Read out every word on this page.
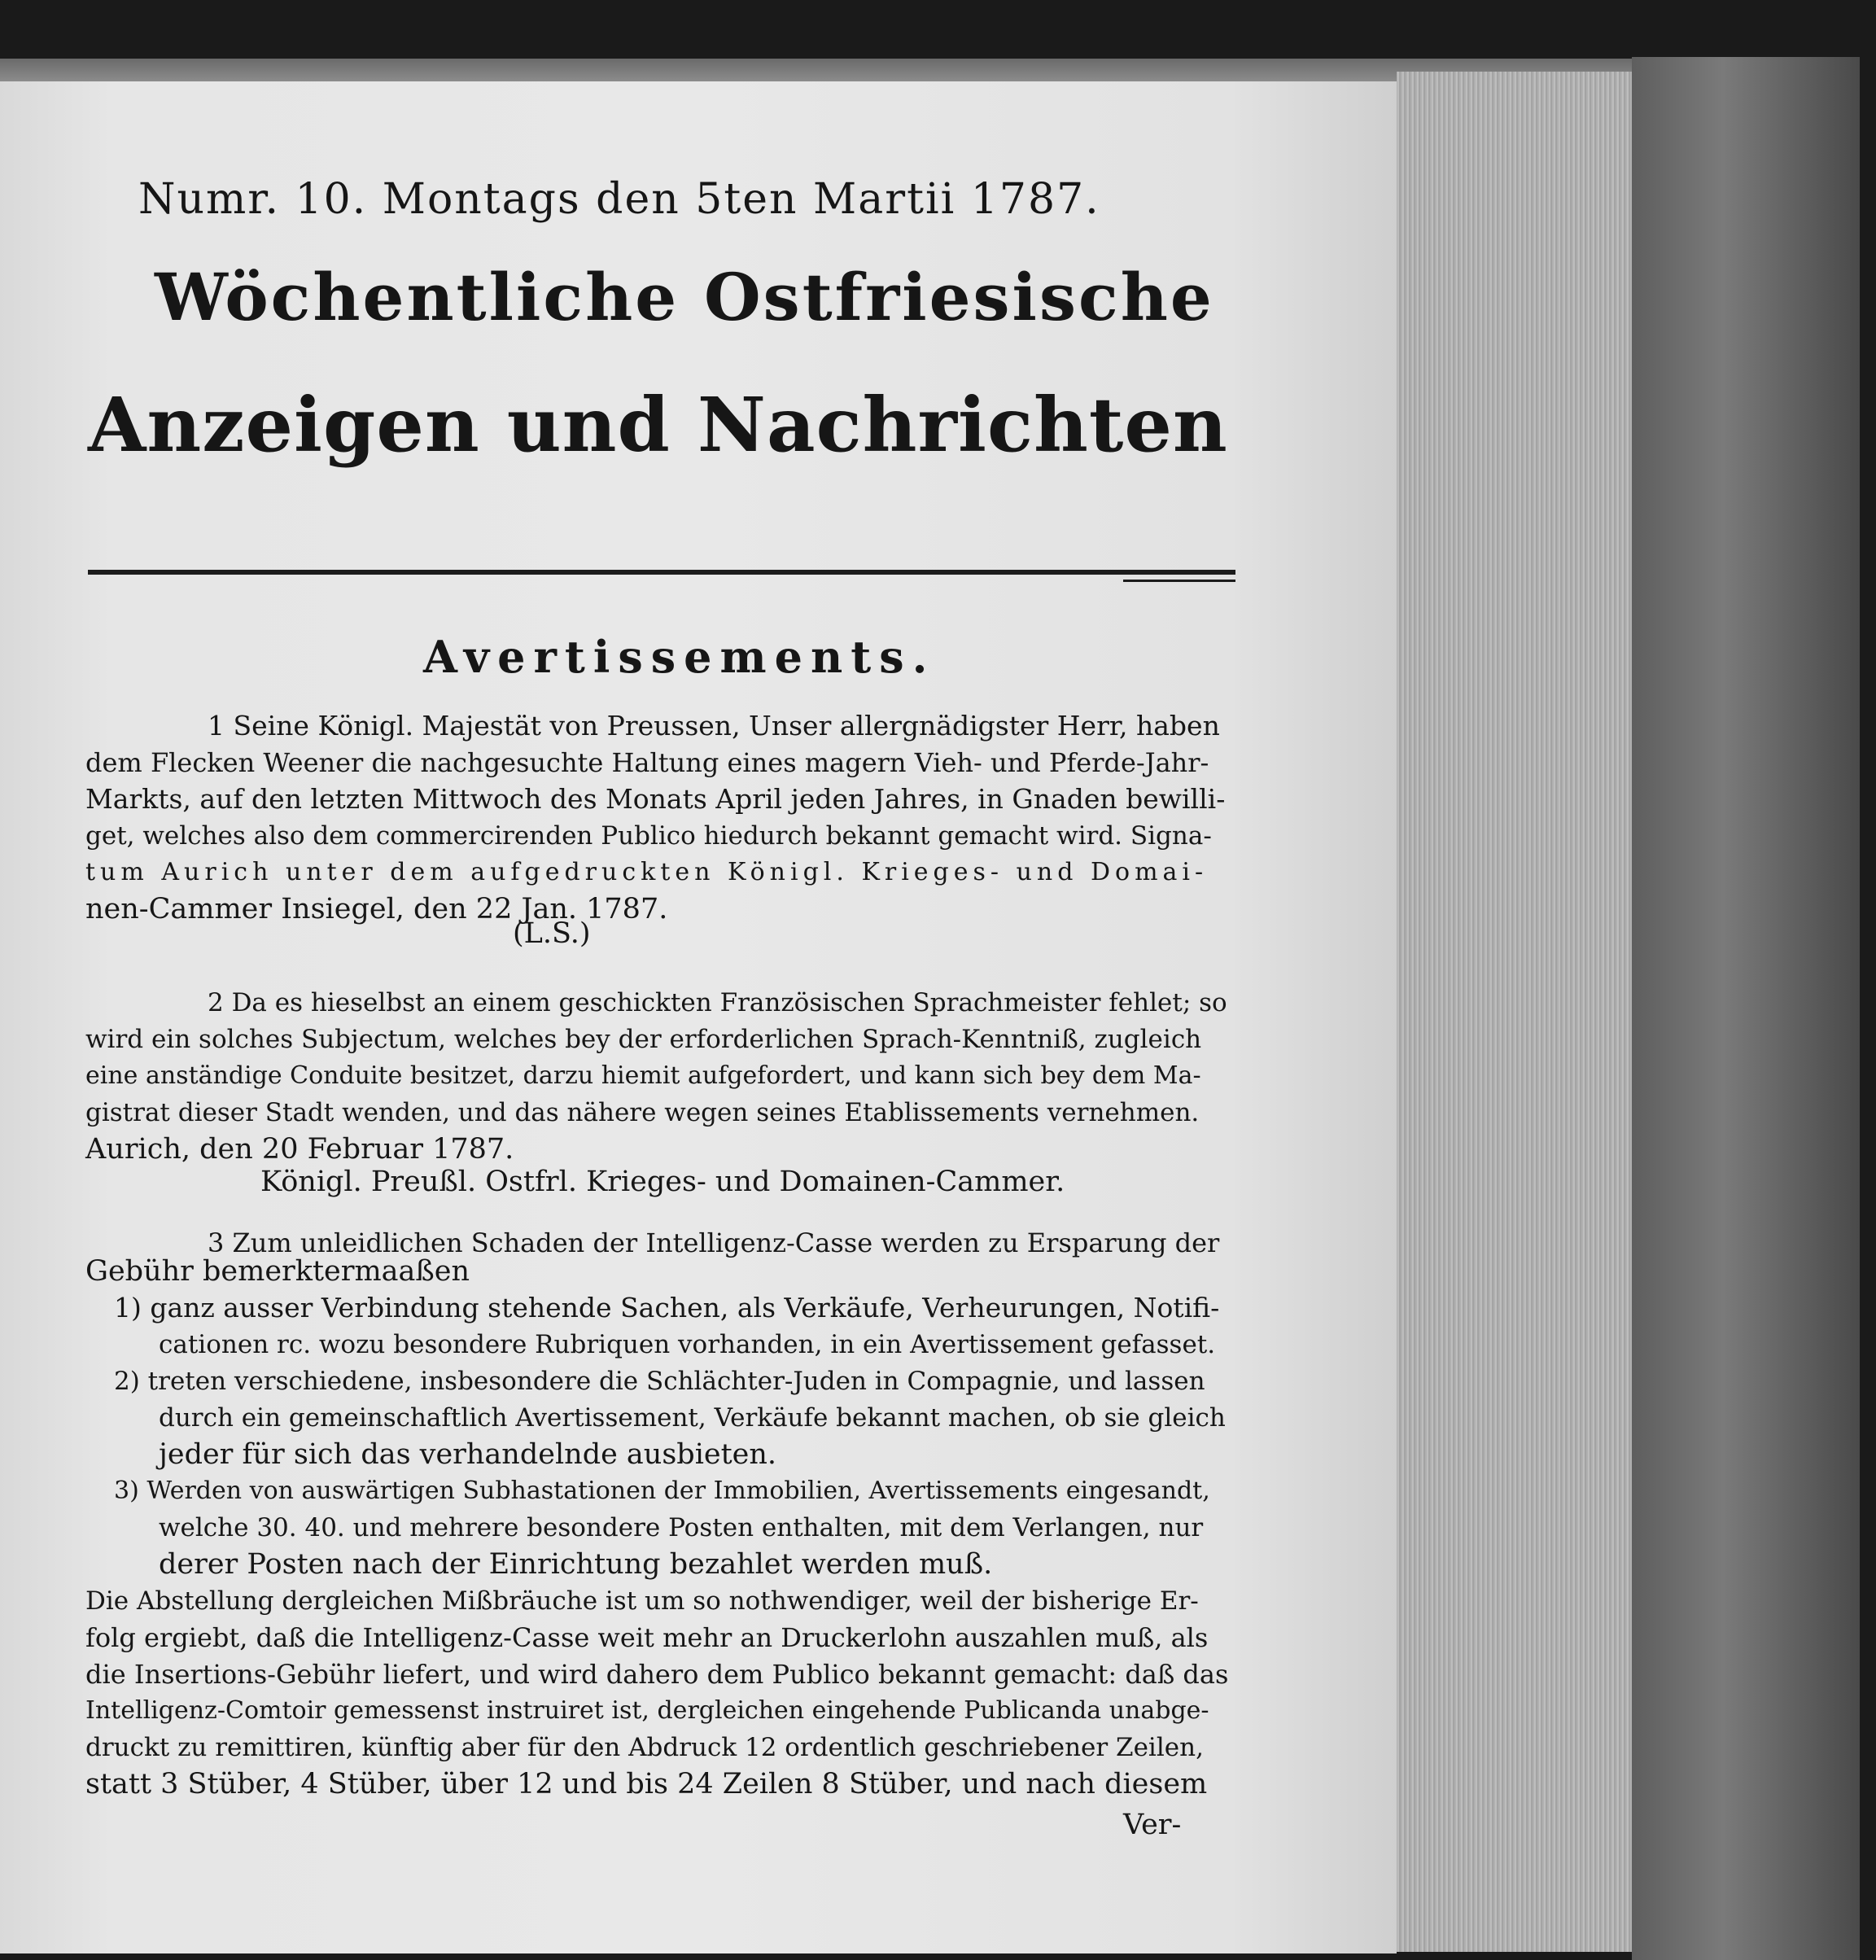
Numr. 10. Montags den 5ten Martii 1787.
Wöchentliche Ostfriesische
Anzeigen und Nachrichten
Avertissements.
1 Seine Königl. Majestät von Preussen, Unser allergnädigster Herr, haben
dem Flecken Weener die nachgesuchte Haltung eines magern Vieh- und Pferde-Jahr-
Markts, auf den letzten Mittwoch des Monats April jeden Jahres, in Gnaden bewilli-
get, welches also dem commercirenden Publico hiedurch bekannt gemacht wird. Signa-
tum Aurich unter dem aufgedruckten Königl. Krieges- und Domai-
nen-Cammer Insiegel, den 22 Jan. 1787.
(L.S.)
2 Da es hieselbst an einem geschickten Französischen Sprachmeister fehlet; so
wird ein solches Subjectum, welches bey der erforderlichen Sprach-Kenntniß, zugleich
eine anständige Conduite besitzet, darzu hiemit aufgefordert, und kann sich bey dem Ma-
gistrat dieser Stadt wenden, und das nähere wegen seines Etablissements vernehmen.
Aurich, den 20 Februar 1787.
Königl. Preußl. Ostfrl. Krieges- und Domainen-Cammer.
3 Zum unleidlichen Schaden der Intelligenz-Casse werden zu Ersparung der
Gebühr bemerktermaaßen
1) ganz ausser Verbindung stehende Sachen, als Verkäufe, Verheurungen, Notifi-
cationen rc. wozu besondere Rubriquen vorhanden, in ein Avertissement gefasset.
2) treten verschiedene, insbesondere die Schlächter-Juden in Compagnie, und lassen
durch ein gemeinschaftlich Avertissement, Verkäufe bekannt machen, ob sie gleich
jeder für sich das verhandelnde ausbieten.
3) Werden von auswärtigen Subhastationen der Immobilien, Avertissements eingesandt,
welche 30. 40. und mehrere besondere Posten enthalten, mit dem Verlangen, nur
derer Posten nach der Einrichtung bezahlet werden muß.
Die Abstellung dergleichen Mißbräuche ist um so nothwendiger, weil der bisherige Er-
folg ergiebt, daß die Intelligenz-Casse weit mehr an Druckerlohn auszahlen muß, als
die Insertions-Gebühr liefert, und wird dahero dem Publico bekannt gemacht: daß das
Intelligenz-Comtoir gemessenst instruiret ist, dergleichen eingehende Publicanda unabge-
druckt zu remittiren, künftig aber für den Abdruck 12 ordentlich geschriebener Zeilen,
statt 3 Stüber, 4 Stüber, über 12 und bis 24 Zeilen 8 Stüber, und nach diesem
Ver-
